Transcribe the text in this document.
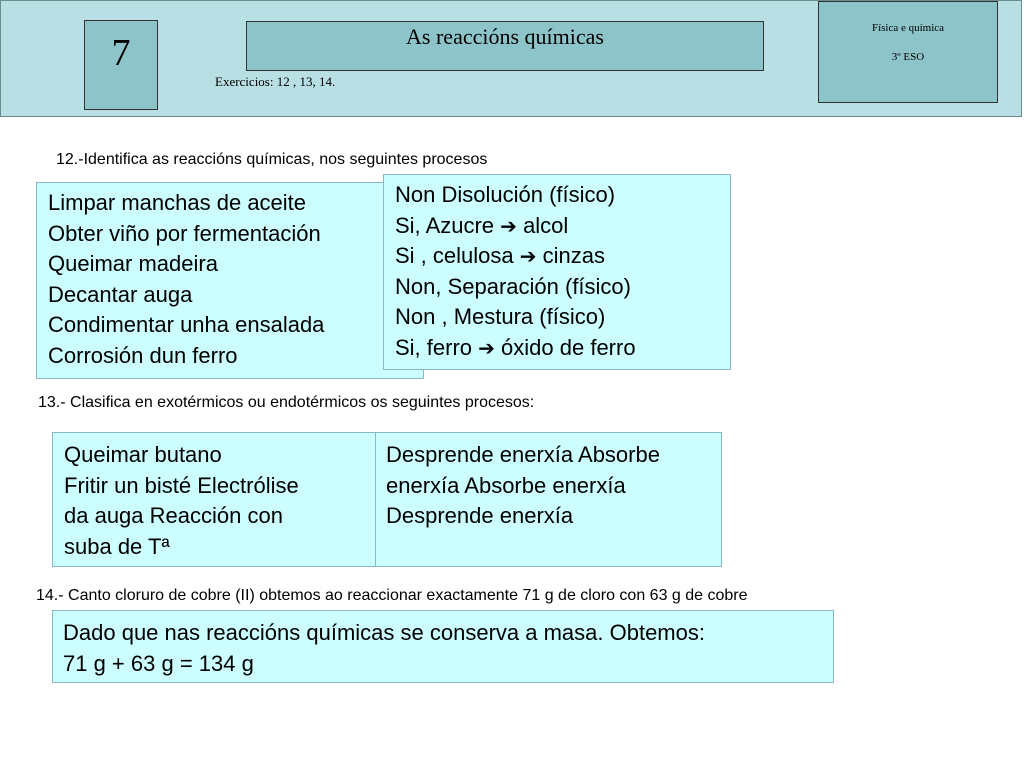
7	As reaccións químicas
Exercicios: 12 , 13, 14.
Física e química
3º ESO
12.-Identifica as reaccións químicas, nos seguintes procesos
Limpar manchas de aceite
Obter viño por fermentación
Queimar madeira
Decantar auga
Condimentar unha ensalada
Corrosión dun ferro
Non Disolución (físico)
Si, Azucre ➔ alcol
Si , celulosa ➔ cinzas
Non, Separación (físico)
Non , Mestura (físico)
Si, ferro ➔ óxido de ferro
13.- Clasifica en exotérmicos ou endotérmicos os seguintes procesos:
Queimar butano
Fritir un bisté Electrólise
da auga Reacción con
suba de Tª
Desprende enerxía Absorbe
enerxía Absorbe enerxía
Desprende enerxía
14.- Canto cloruro de cobre (II) obtemos ao reaccionar exactamente 71 g de cloro con 63 g de cobre
Dado que nas reaccións químicas se conserva a masa. Obtemos:
71 g + 63 g = 134 g
